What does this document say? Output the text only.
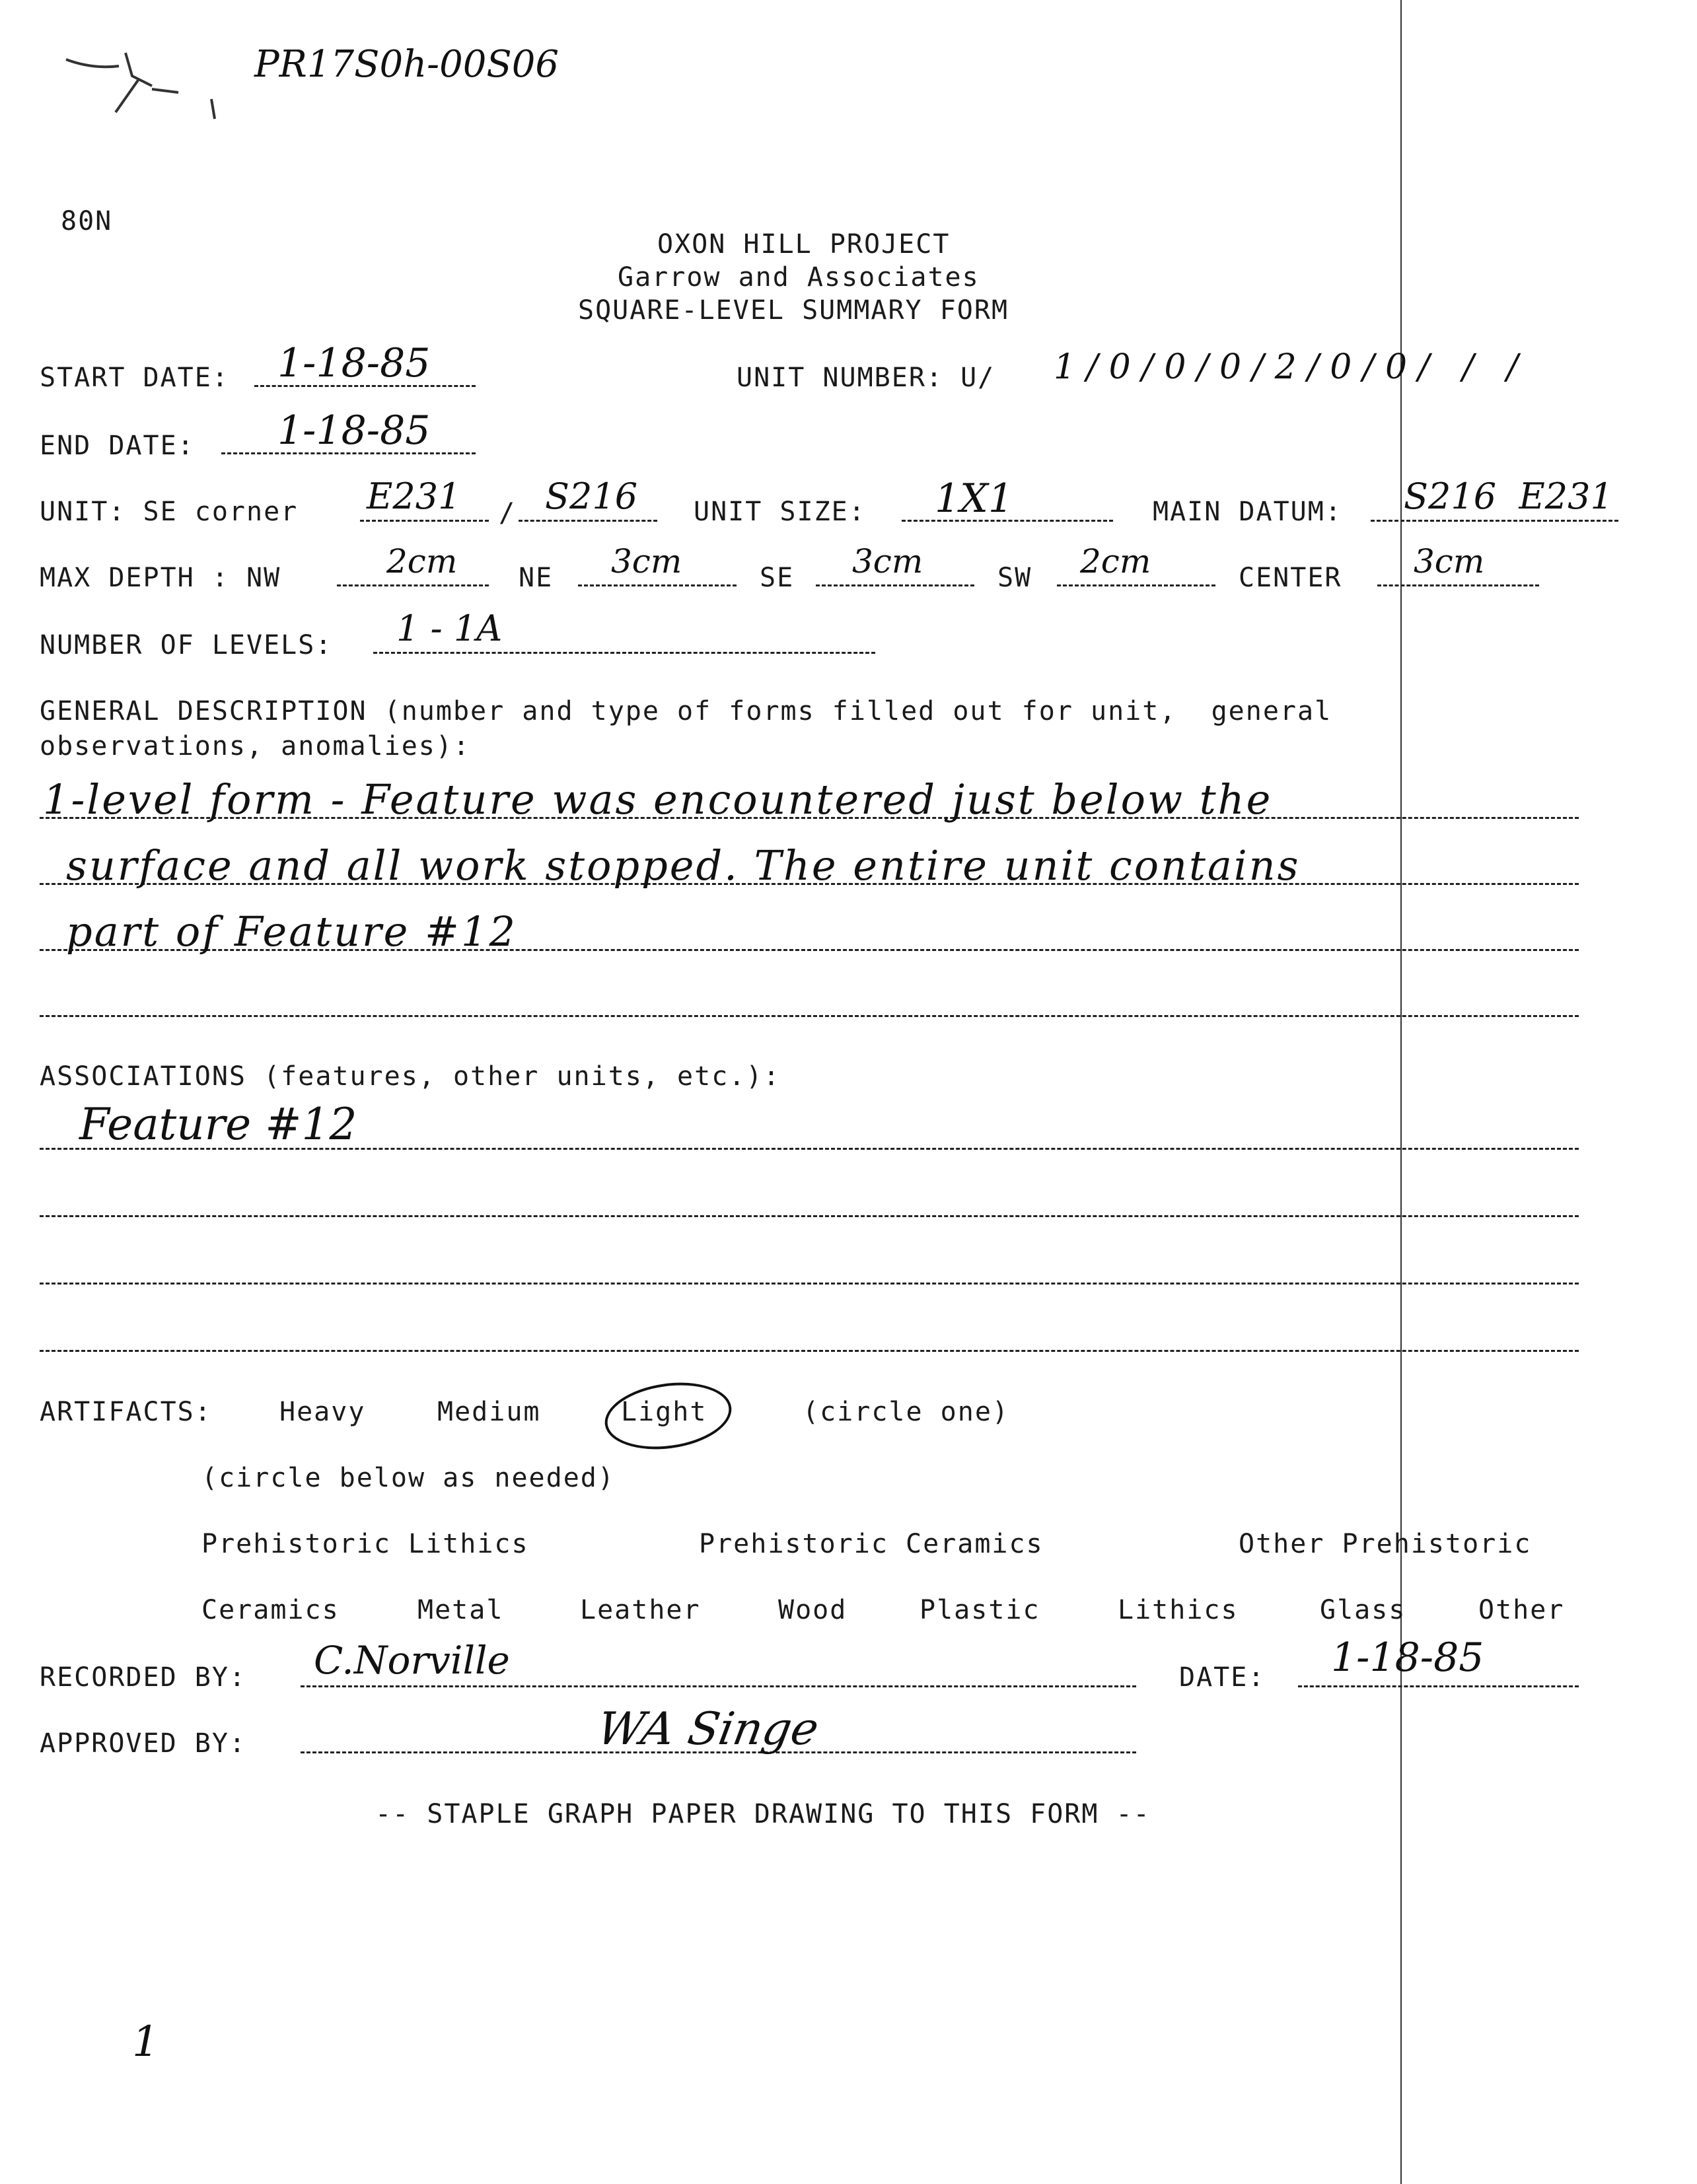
PR17S0h-00S06
80N
OXON HILL PROJECT
Garrow and Associates
SQUARE-LEVEL SUMMARY FORM
START DATE: 1-18-85	UNIT NUMBER: U/ 1 / 0 / 0 / 0 / 2 / 0 / 0 /   /   /
END DATE: 1-18-85
UNIT: SE corner E231 / S216 UNIT SIZE: 1X1	MAIN DATUM: S216  E231
MAX DEPTH : NW	2cm NE 3cm	SE 3cm	SW 2cm	CENTER 3cm
NUMBER OF LEVELS: 1 - 1A
GENERAL DESCRIPTION (number and type of forms filled out for unit,  general
observations, anomalies):
1-level form - Feature was encountered just below the
surface and all work stopped. The entire unit contains
part of Feature #12
ASSOCIATIONS (features, other units, etc.):
Feature #12
ARTIFACTS:	Heavy	Medium	Light	(circle one)
(circle below as needed)
Prehistoric Lithics	Prehistoric Ceramics	Other Prehistoric
Ceramics	Metal	Leather	Wood	Plastic	Lithics	Glass	Other
RECORDED BY: C.Norville	DATE: 1-18-85
APPROVED BY:	WA Singe
-- STAPLE GRAPH PAPER DRAWING TO THIS FORM --
1
